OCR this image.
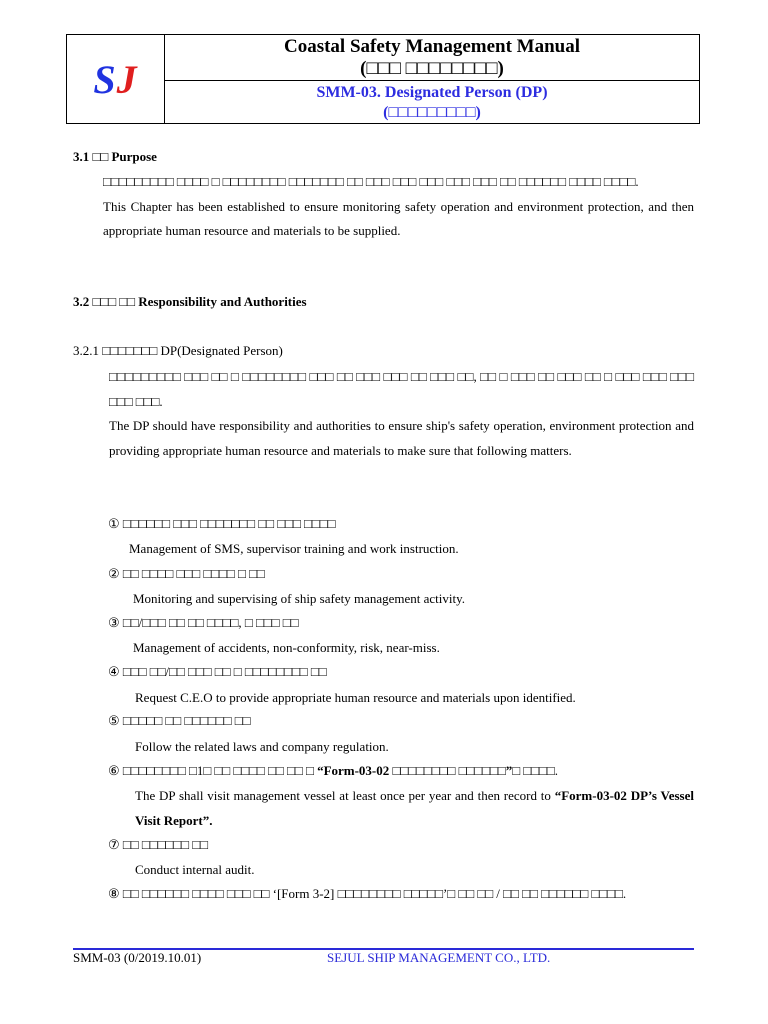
SJ
Coastal Safety Management Manual
(□□□ □□□□□□□□)
SMM-03. Designated Person (DP)
(□□□□□□□□□)
3.1 □□ Purpose
□□□□□□□□□ □□□□ □ □□□□□□□□ □□□□□□□ □□ □□□ □□□ □□□ □□□ □□□ □□ □□□□□□ □□□□ □□□□.
This Chapter has been established to ensure monitoring safety operation and environment protection, and then appropriate human resource and materials to be supplied.
3.2 □□□ □□ Responsibility and Authorities
3.2.1 □□□□□□□ DP(Designated Person)
□□□□□□□□□ □□□ □□ □ □□□□□□□□ □□□ □□ □□□ □□□ □□ □□□ □□, □□ □ □□□ □□ □□□ □□ □ □□□ □□□ □□□ □□□ □□□.
The DP should have responsibility and authorities to ensure ship's safety operation, environment protection and providing appropriate human resource and materials to make sure that following matters.
① □□□□□□ □□□ □□□□□□□ □□ □□□ □□□□
Management of SMS, supervisor training and work instruction.
② □□ □□□□ □□□ □□□□ □ □□
Monitoring and supervising of ship safety management activity.
③ □□/□□□ □□ □□ □□□□, □ □□□ □□
Management of accidents, non-conformity, risk, near-miss.
④ □□□ □□/□□ □□□ □□ □ □□□□□□□□ □□
Request C.E.O to provide appropriate human resource and materials upon identified.
⑤ □□□□□ □□ □□□□□□ □□
Follow the related laws and company regulation.
⑥ □□□□□□□□ □1□ □□ □□□□ □□ □□ □ “Form-03-02 □□□□□□□□ □□□□□□”□ □□□□.
The DP shall visit management vessel at least once per year and then record to “Form-03-02 DP’s Vessel Visit Report”.
⑦ □□ □□□□□□ □□
Conduct internal audit.
⑧ □□ □□□□□□ □□□□ □□□ □□ ‘[Form 3-2] □□□□□□□□ □□□□□’□ □□ □□ / □□ □□ □□□□□□ □□□□.
SMM-03 (0/2019.10.01)	SEJUL SHIP MANAGEMENT CO., LTD.
